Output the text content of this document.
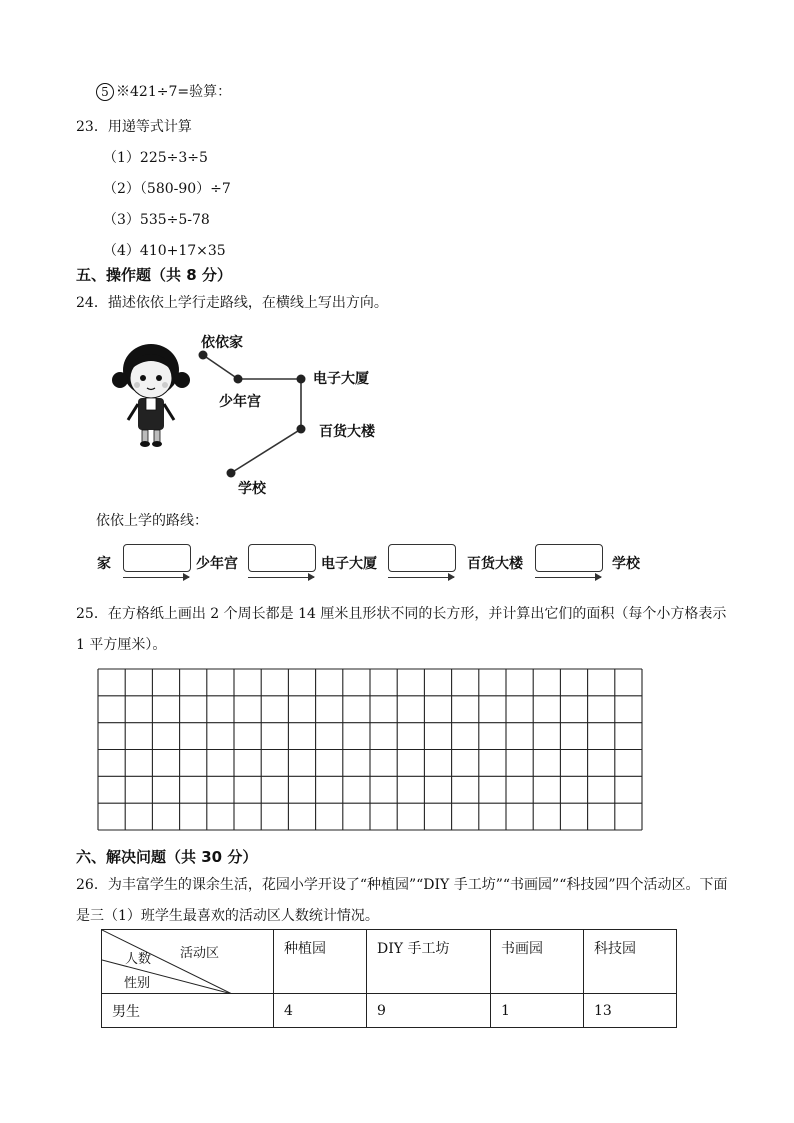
5 ※421÷7=验算：
23．用递等式计算
（1）225÷3÷5
（2）（580-90）÷7
（3）535÷5-78
（4）410+17×35
五、操作题（共 8 分）
24．描述依依上学行走路线，在横线上写出方向。
依依家
少年宫
电子大厦
百货大楼
学校
依依上学的路线：
家	少年宫	电子大厦	百货大楼	学校
25．在方格纸上画出 2 个周长都是 14 厘米且形状不同的长方形，并计算出它们的面积（每个小方格表示
1 平方厘米）。
六、解决问题（共 30 分）
26．为丰富学生的课余生活，花园小学开设了“种植园”“DIY 手工坊”“书画园”“科技园”四个活动区。下面
是三（1）班学生最喜欢的活动区人数统计情况。
活动区
人数
性别	种植园	DIY 手工坊	书画园	科技园
男生	4	9	1	13
